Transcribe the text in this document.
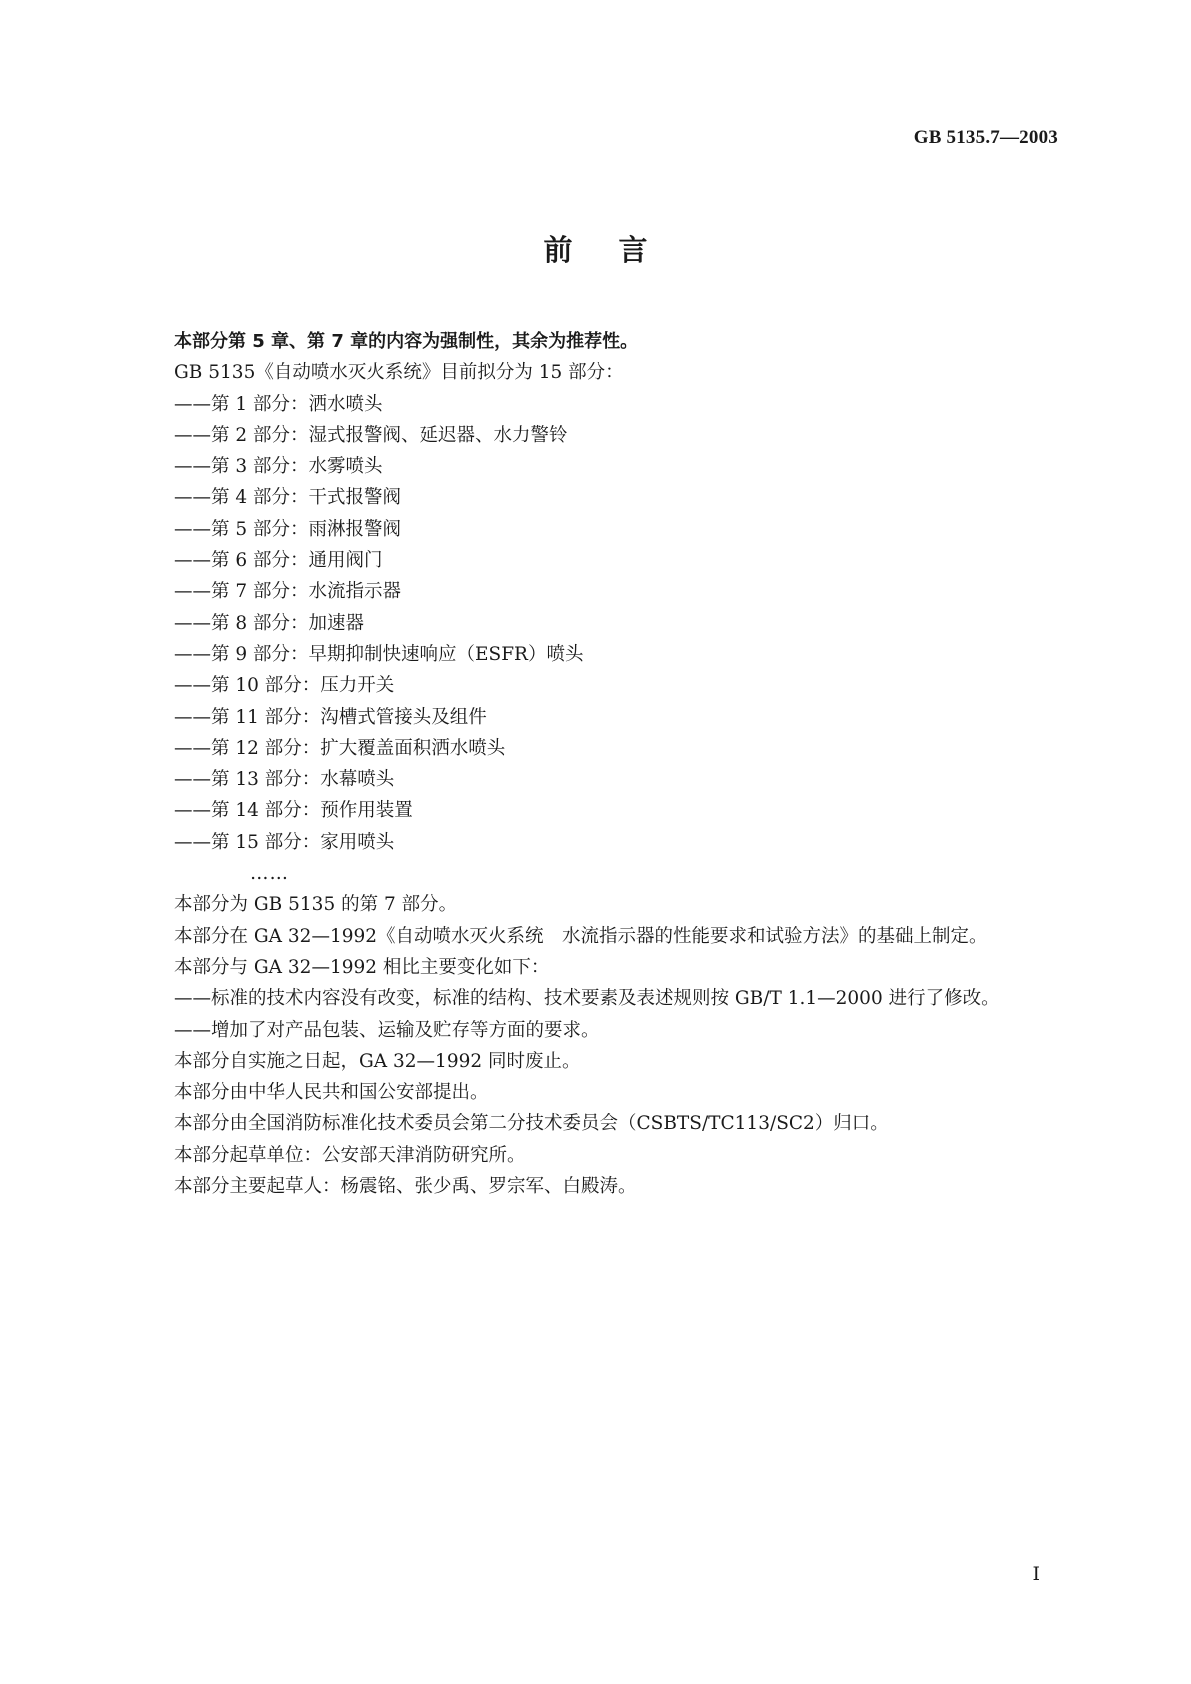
GB 5135.7—2003
前言
本部分第 5 章、第 7 章的内容为强制性，其余为推荐性。
GB 5135《自动喷水灭火系统》目前拟分为 15 部分：
——第 1 部分：洒水喷头
——第 2 部分：湿式报警阀、延迟器、水力警铃
——第 3 部分：水雾喷头
——第 4 部分：干式报警阀
——第 5 部分：雨淋报警阀
——第 6 部分：通用阀门
——第 7 部分：水流指示器
——第 8 部分：加速器
——第 9 部分：早期抑制快速响应（ESFR）喷头
——第 10 部分：压力开关
——第 11 部分：沟槽式管接头及组件
——第 12 部分：扩大覆盖面积洒水喷头
——第 13 部分：水幕喷头
——第 14 部分：预作用装置
——第 15 部分：家用喷头
……
本部分为 GB 5135 的第 7 部分。
本部分在 GA 32—1992《自动喷水灭火系统　水流指示器的性能要求和试验方法》的基础上制定。
本部分与 GA 32—1992 相比主要变化如下：
——标准的技术内容没有改变，标准的结构、技术要素及表述规则按 GB/T 1.1—2000 进行了修改。
——增加了对产品包装、运输及贮存等方面的要求。
本部分自实施之日起，GA 32—1992 同时废止。
本部分由中华人民共和国公安部提出。
本部分由全国消防标准化技术委员会第二分技术委员会（CSBTS/TC113/SC2）归口。
本部分起草单位：公安部天津消防研究所。
本部分主要起草人：杨震铭、张少禹、罗宗军、白殿涛。
I
